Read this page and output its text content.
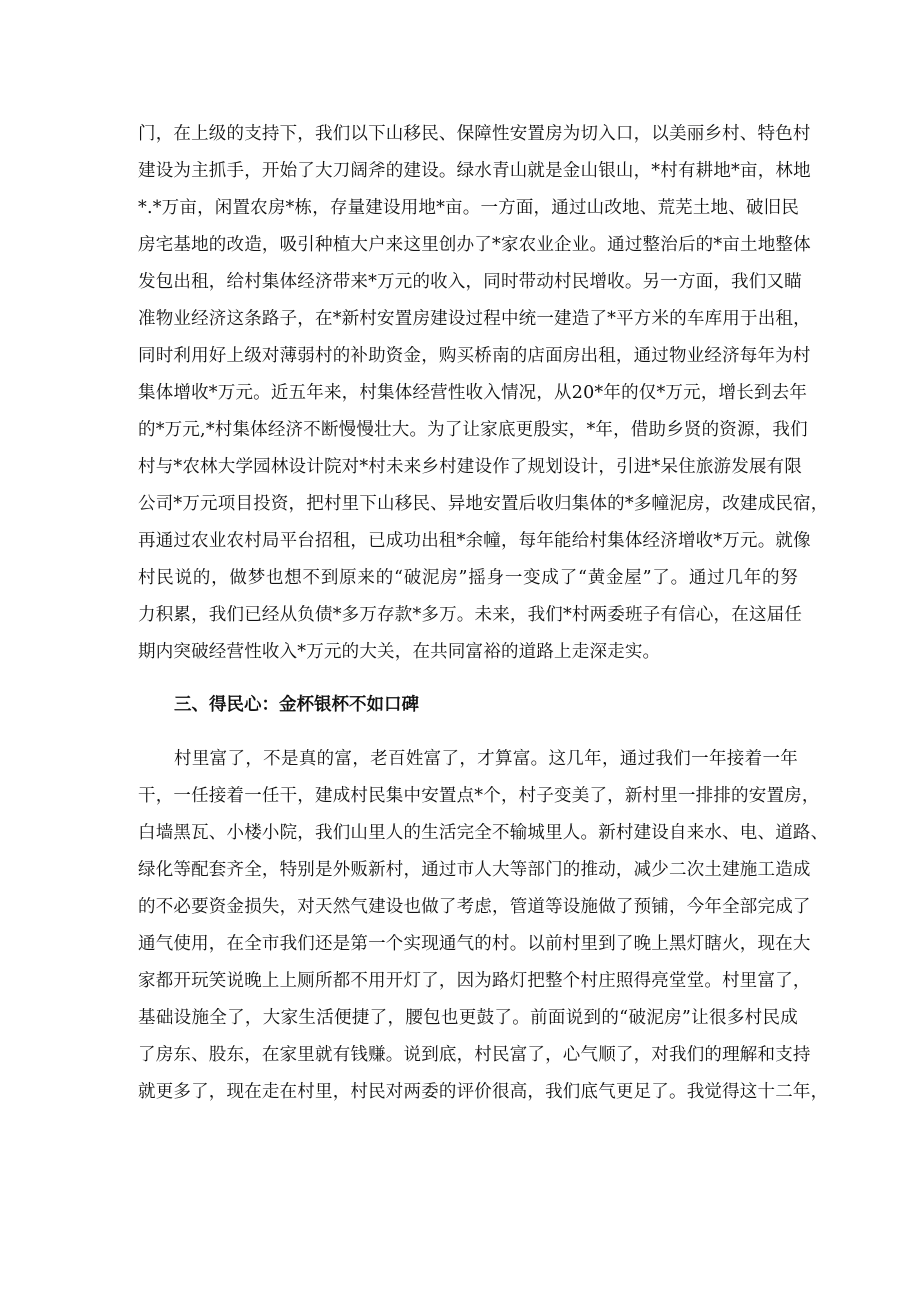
门，在上级的支持下，我们以下山移民、保障性安置房为切入口，以美丽乡村、特色村
建设为主抓手，开始了大刀阔斧的建设。绿水青山就是金山银山，*村有耕地*亩，林地
*.*万亩，闲置农房*栋，存量建设用地*亩。一方面，通过山改地、荒芜土地、破旧民
房宅基地的改造，吸引种植大户来这里创办了*家农业企业。通过整治后的*亩土地整体
发包出租，给村集体经济带来*万元的收入，同时带动村民增收。另一方面，我们又瞄
准物业经济这条路子，在*新村安置房建设过程中统一建造了*平方米的车库用于出租，
同时利用好上级对薄弱村的补助资金，购买桥南的店面房出租，通过物业经济每年为村
集体增收*万元。近五年来，村集体经营性收入情况，从20*年的仅*万元，增长到去年
的*万元,*村集体经济不断慢慢壮大。为了让家底更殷实，*年，借助乡贤的资源，我们
村与*农林大学园林设计院对*村未来乡村建设作了规划设计，引进*呆住旅游发展有限
公司*万元项目投资，把村里下山移民、异地安置后收归集体的*多幢泥房，改建成民宿，
再通过农业农村局平台招租，已成功出租*余幢，每年能给村集体经济增收*万元。就像
村民说的，做梦也想不到原来的“破泥房”摇身一变成了“黄金屋”了。通过几年的努
力积累，我们已经从负债*多万存款*多万。未来，我们*村两委班子有信心，在这届任
期内突破经营性收入*万元的大关，在共同富裕的道路上走深走实。
三、得民心：金杯银杯不如口碑
村里富了，不是真的富，老百姓富了，才算富。这几年，通过我们一年接着一年
干，一任接着一任干，建成村民集中安置点*个，村子变美了，新村里一排排的安置房，
白墙黑瓦、小楼小院，我们山里人的生活完全不输城里人。新村建设自来水、电、道路、
绿化等配套齐全，特别是外贩新村，通过市人大等部门的推动，减少二次土建施工造成
的不必要资金损失，对天然气建设也做了考虑，管道等设施做了预铺，今年全部完成了
通气使用，在全市我们还是第一个实现通气的村。以前村里到了晚上黑灯瞎火，现在大
家都开玩笑说晚上上厕所都不用开灯了，因为路灯把整个村庄照得亮堂堂。村里富了，
基础设施全了，大家生活便捷了，腰包也更鼓了。前面说到的“破泥房”让很多村民成
了房东、股东，在家里就有钱赚。说到底，村民富了，心气顺了，对我们的理解和支持
就更多了，现在走在村里，村民对两委的评价很高，我们底气更足了。我觉得这十二年，
